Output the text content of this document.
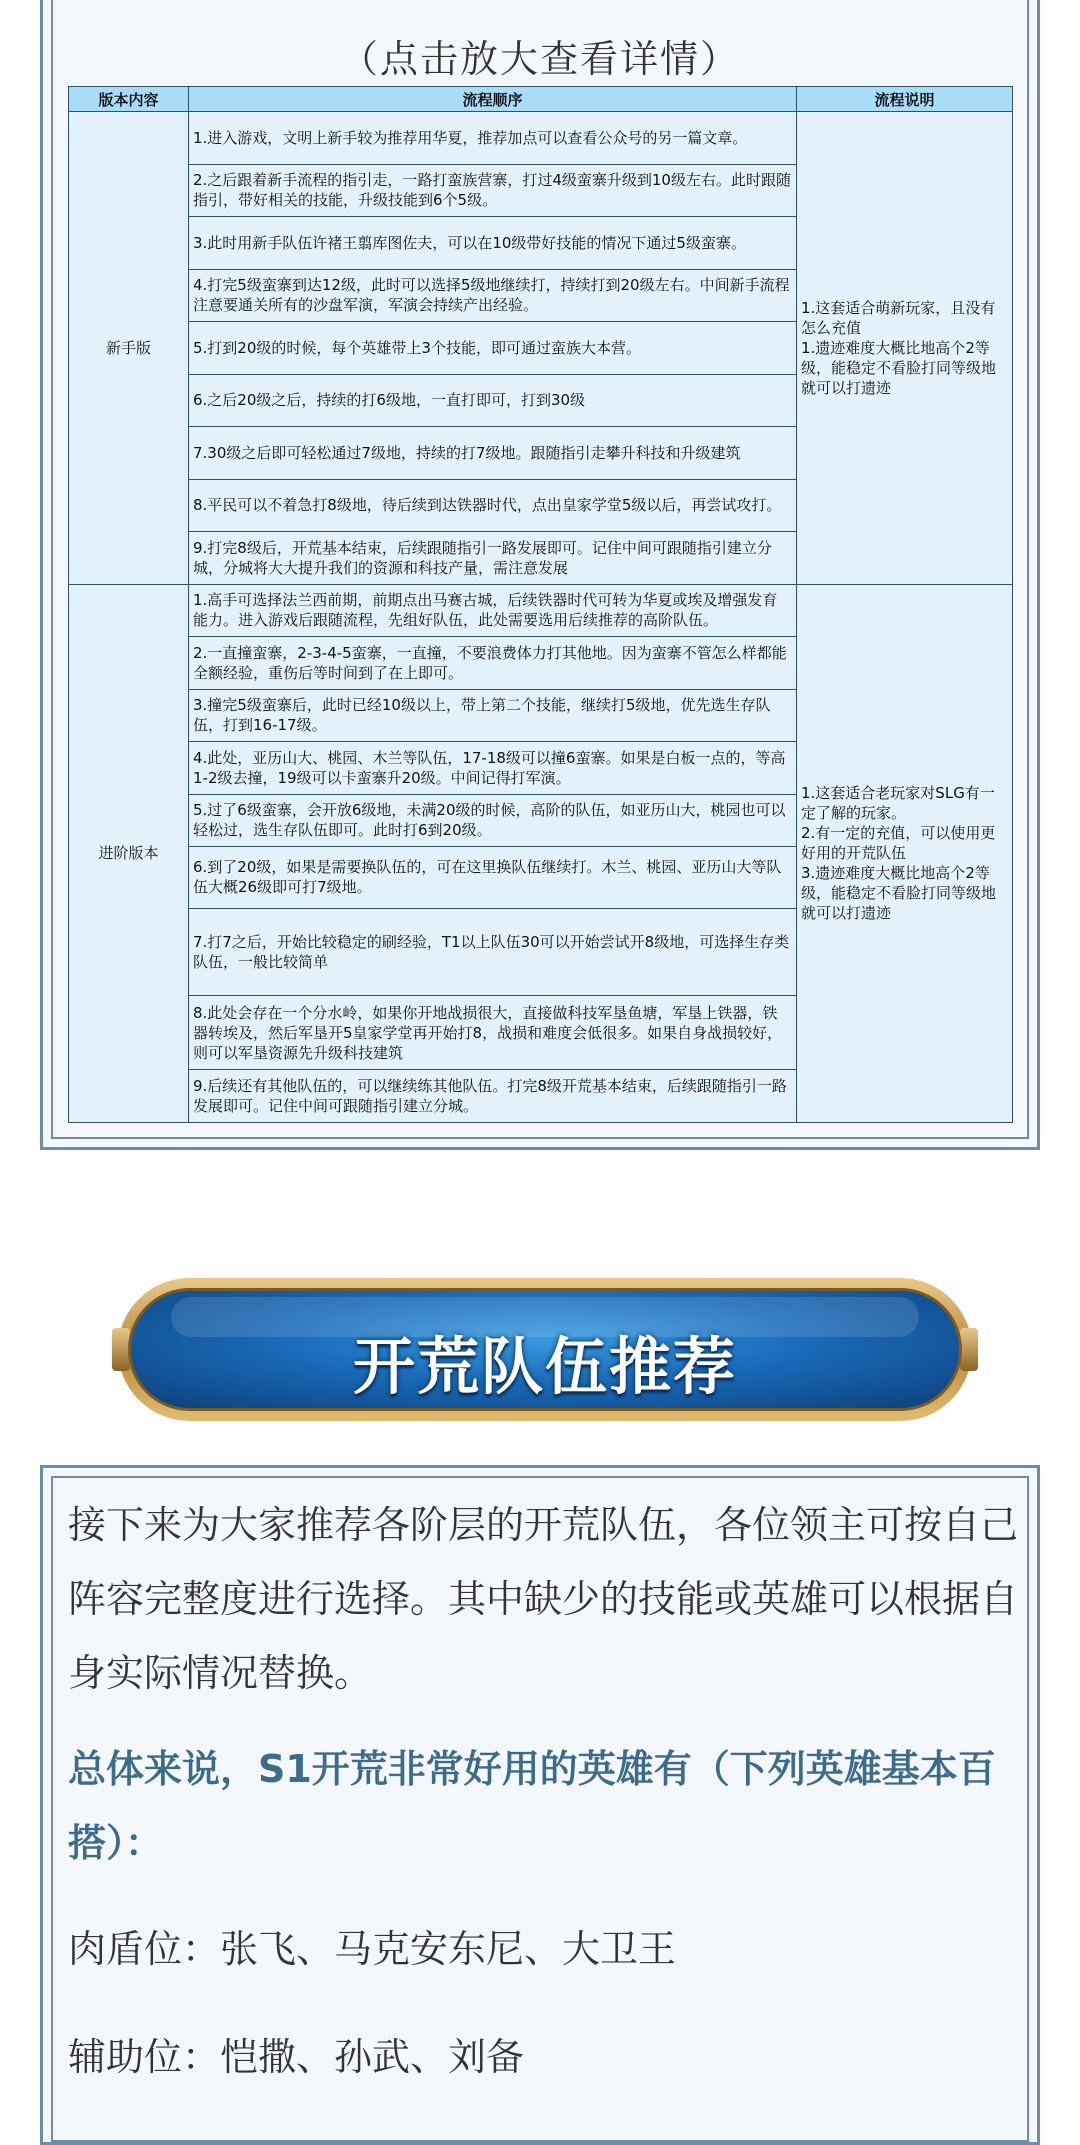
（点击放大查看详情）
版本内容	流程顺序	流程说明
新手版	1.进入游戏，文明上新手较为推荐用华夏，推荐加点可以查看公众号的另一篇文章。	1.这套适合萌新玩家，且没有怎么充值
1.遗迹难度大概比地高个2等级，能稳定不看脸打同等级地就可以打遗迹
	2.之后跟着新手流程的指引走，一路打蛮族营寨，打过4级蛮寨升级到10级左右。此时跟随指引，带好相关的技能，升级技能到6个5级。	
	3.此时用新手队伍许褚王翦库图佐夫，可以在10级带好技能的情况下通过5级蛮寨。	
	4.打完5级蛮寨到达12级，此时可以选择5级地继续打，持续打到20级左右。中间新手流程注意要通关所有的沙盘军演，军演会持续产出经验。	
	5.打到20级的时候，每个英雄带上3个技能，即可通过蛮族大本营。	
	6.之后20级之后，持续的打6级地，一直打即可，打到30级	
	7.30级之后即可轻松通过7级地，持续的打7级地。跟随指引走攀升科技和升级建筑	
	8.平民可以不着急打8级地，待后续到达铁器时代，点出皇家学堂5级以后，再尝试攻打。	
	9.打完8级后，开荒基本结束，后续跟随指引一路发展即可。记住中间可跟随指引建立分城，分城将大大提升我们的资源和科技产量，需注意发展	
进阶版本	1.高手可选择法兰西前期，前期点出马赛古城，后续铁器时代可转为华夏或埃及增强发育能力。进入游戏后跟随流程，先组好队伍，此处需要选用后续推荐的高阶队伍。	1.这套适合老玩家对SLG有一定了解的玩家。
2.有一定的充值，可以使用更好用的开荒队伍
3.遗迹难度大概比地高个2等级，能稳定不看脸打同等级地就可以打遗迹
	2.一直撞蛮寨，2-3-4-5蛮寨，一直撞，不要浪费体力打其他地。因为蛮寨不管怎么样都能全额经验，重伤后等时间到了在上即可。	
	3.撞完5级蛮寨后，此时已经10级以上，带上第二个技能，继续打5级地，优先选生存队伍，打到16-17级。	
	4.此处，亚历山大、桃园、木兰等队伍，17-18级可以撞6蛮寨。如果是白板一点的，等高1-2级去撞，19级可以卡蛮寨升20级。中间记得打军演。	
	5.过了6级蛮寨，会开放6级地，未满20级的时候，高阶的队伍，如亚历山大，桃园也可以轻松过，选生存队伍即可。此时打6到20级。	
	6.到了20级，如果是需要换队伍的，可在这里换队伍继续打。木兰、桃园、亚历山大等队伍大概26级即可打7级地。	
	7.打7之后，开始比较稳定的刷经验，T1以上队伍30可以开始尝试开8级地，可选择生存类队伍，一般比较简单	
	8.此处会存在一个分水岭，如果你开地战损很大，直接做科技军垦鱼塘，军垦上铁器，铁器转埃及，然后军垦开5皇家学堂再开始打8，战损和难度会低很多。如果自身战损较好，则可以军垦资源先升级科技建筑	
	9.后续还有其他队伍的，可以继续练其他队伍。打完8级开荒基本结束，后续跟随指引一路发展即可。记住中间可跟随指引建立分城。	
开荒队伍推荐

接下来为大家推荐各阶层的开荒队伍，各位领主可按自己阵容完整度进行选择。其中缺少的技能或英雄可以根据自身实际情况替换。

总体来说，S1开荒非常好用的英雄有（下列英雄基本百搭）：

肉盾位：张飞、马克安东尼、大卫王

辅助位：恺撒、孙武、刘备
